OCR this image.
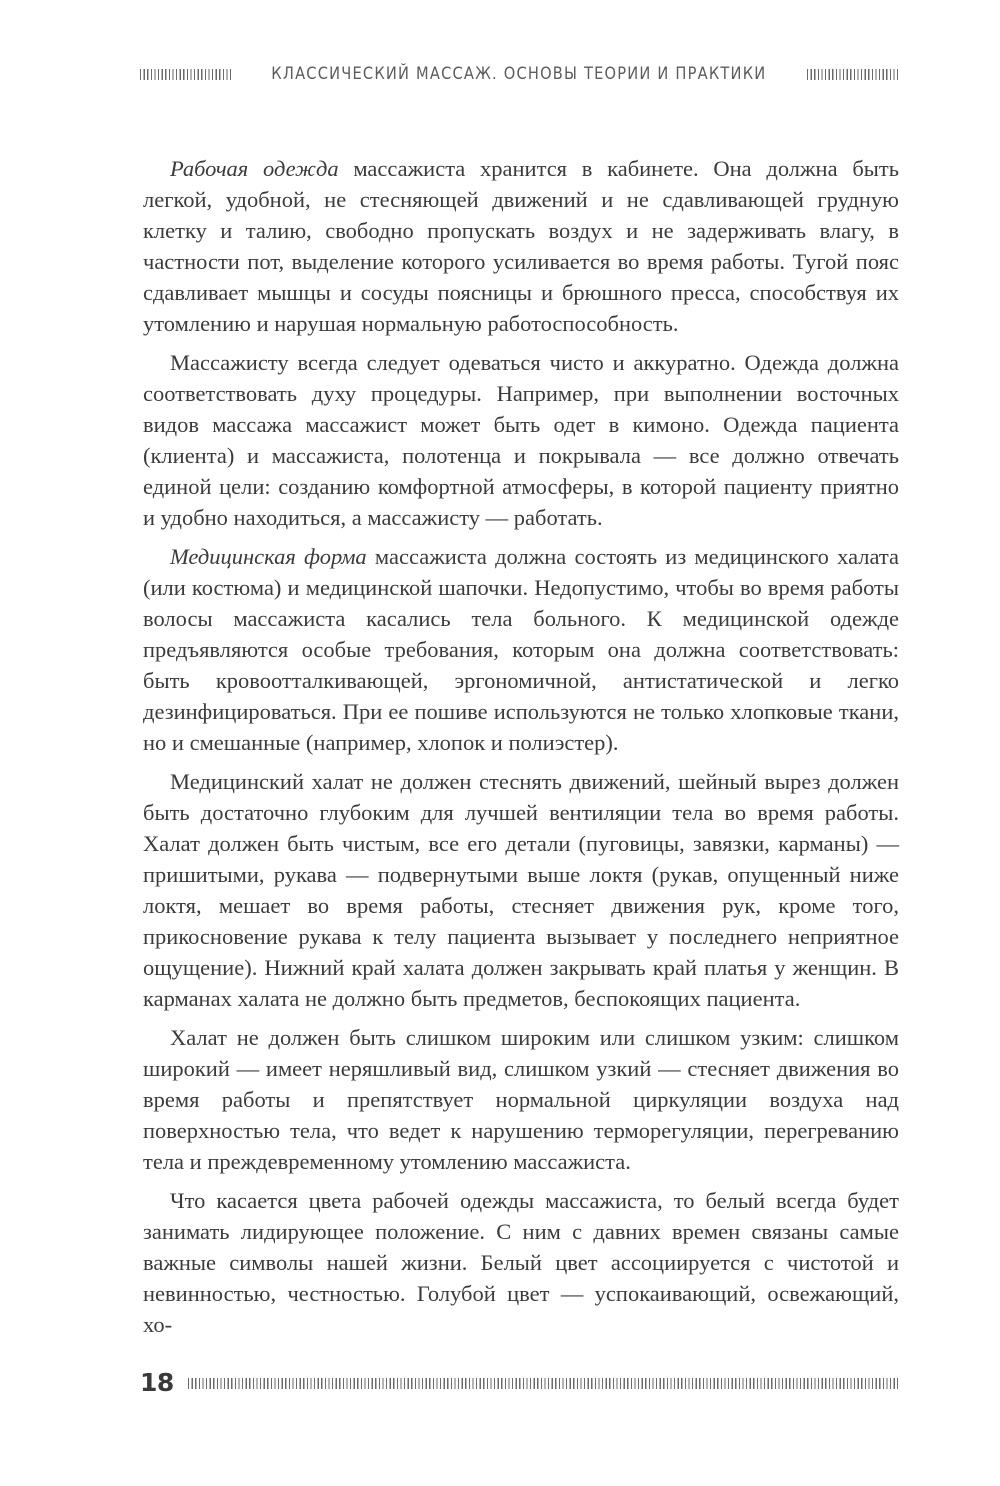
КЛАССИЧЕСКИЙ МАССАЖ. ОСНОВЫ ТЕОРИИ И ПРАКТИКИ

Рабочая одежда массажиста хранится в кабинете. Она должна быть легкой, удобной, не стесняющей движений и не сдавливающей грудную клетку и талию, свободно пропускать воздух и не задерживать влагу, в частности пот, выделение которого усиливается во время работы. Тугой пояс сдавливает мышцы и сосуды поясницы и брюшного пресса, способствуя их утомлению и нарушая нормальную работоспособность.

Массажисту всегда следует одеваться чисто и аккуратно. Одежда должна соответствовать духу процедуры. Например, при выполнении восточных видов массажа массажист может быть одет в кимоно. Одежда пациента (клиента) и массажиста, полотенца и покрывала — все должно отвечать единой цели: созданию комфортной атмосферы, в которой пациенту приятно и удобно находиться, а массажисту — работать.

Медицинская форма массажиста должна состоять из медицинского халата (или костюма) и медицинской шапочки. Недопустимо, чтобы во время работы волосы массажиста касались тела больного. К медицинской одежде предъявляются особые требования, которым она должна соответствовать: быть кровоотталкивающей, эргономичной, антистатической и легко дезинфицироваться. При ее пошиве используются не только хлопковые ткани, но и смешанные (например, хлопок и полиэстер).

Медицинский халат не должен стеснять движений, шейный вырез должен быть достаточно глубоким для лучшей вентиляции тела во время работы. Халат должен быть чистым, все его детали (пуговицы, завязки, карманы) — пришитыми, рукава — подвернутыми выше локтя (рукав, опущенный ниже локтя, мешает во время работы, стесняет движения рук, кроме того, прикосновение рукава к телу пациента вызывает у последнего неприятное ощущение). Нижний край халата должен закрывать край платья у женщин. В карманах халата не должно быть предметов, беспокоящих пациента.

Халат не должен быть слишком широким или слишком узким: слишком широкий — имеет неряшливый вид, слишком узкий — стесняет движения во время работы и препятствует нормальной циркуляции воздуха над поверхностью тела, что ведет к нарушению терморегуляции, перегреванию тела и преждевременному утомлению массажиста.

Что касается цвета рабочей одежды массажиста, то белый всегда будет занимать лидирующее положение. С ним с давних времен связаны самые важные символы нашей жизни. Белый цвет ассоциируется с чистотой и невинностью, честностью. Голубой цвет — успокаивающий, освежающий, хо-

18
